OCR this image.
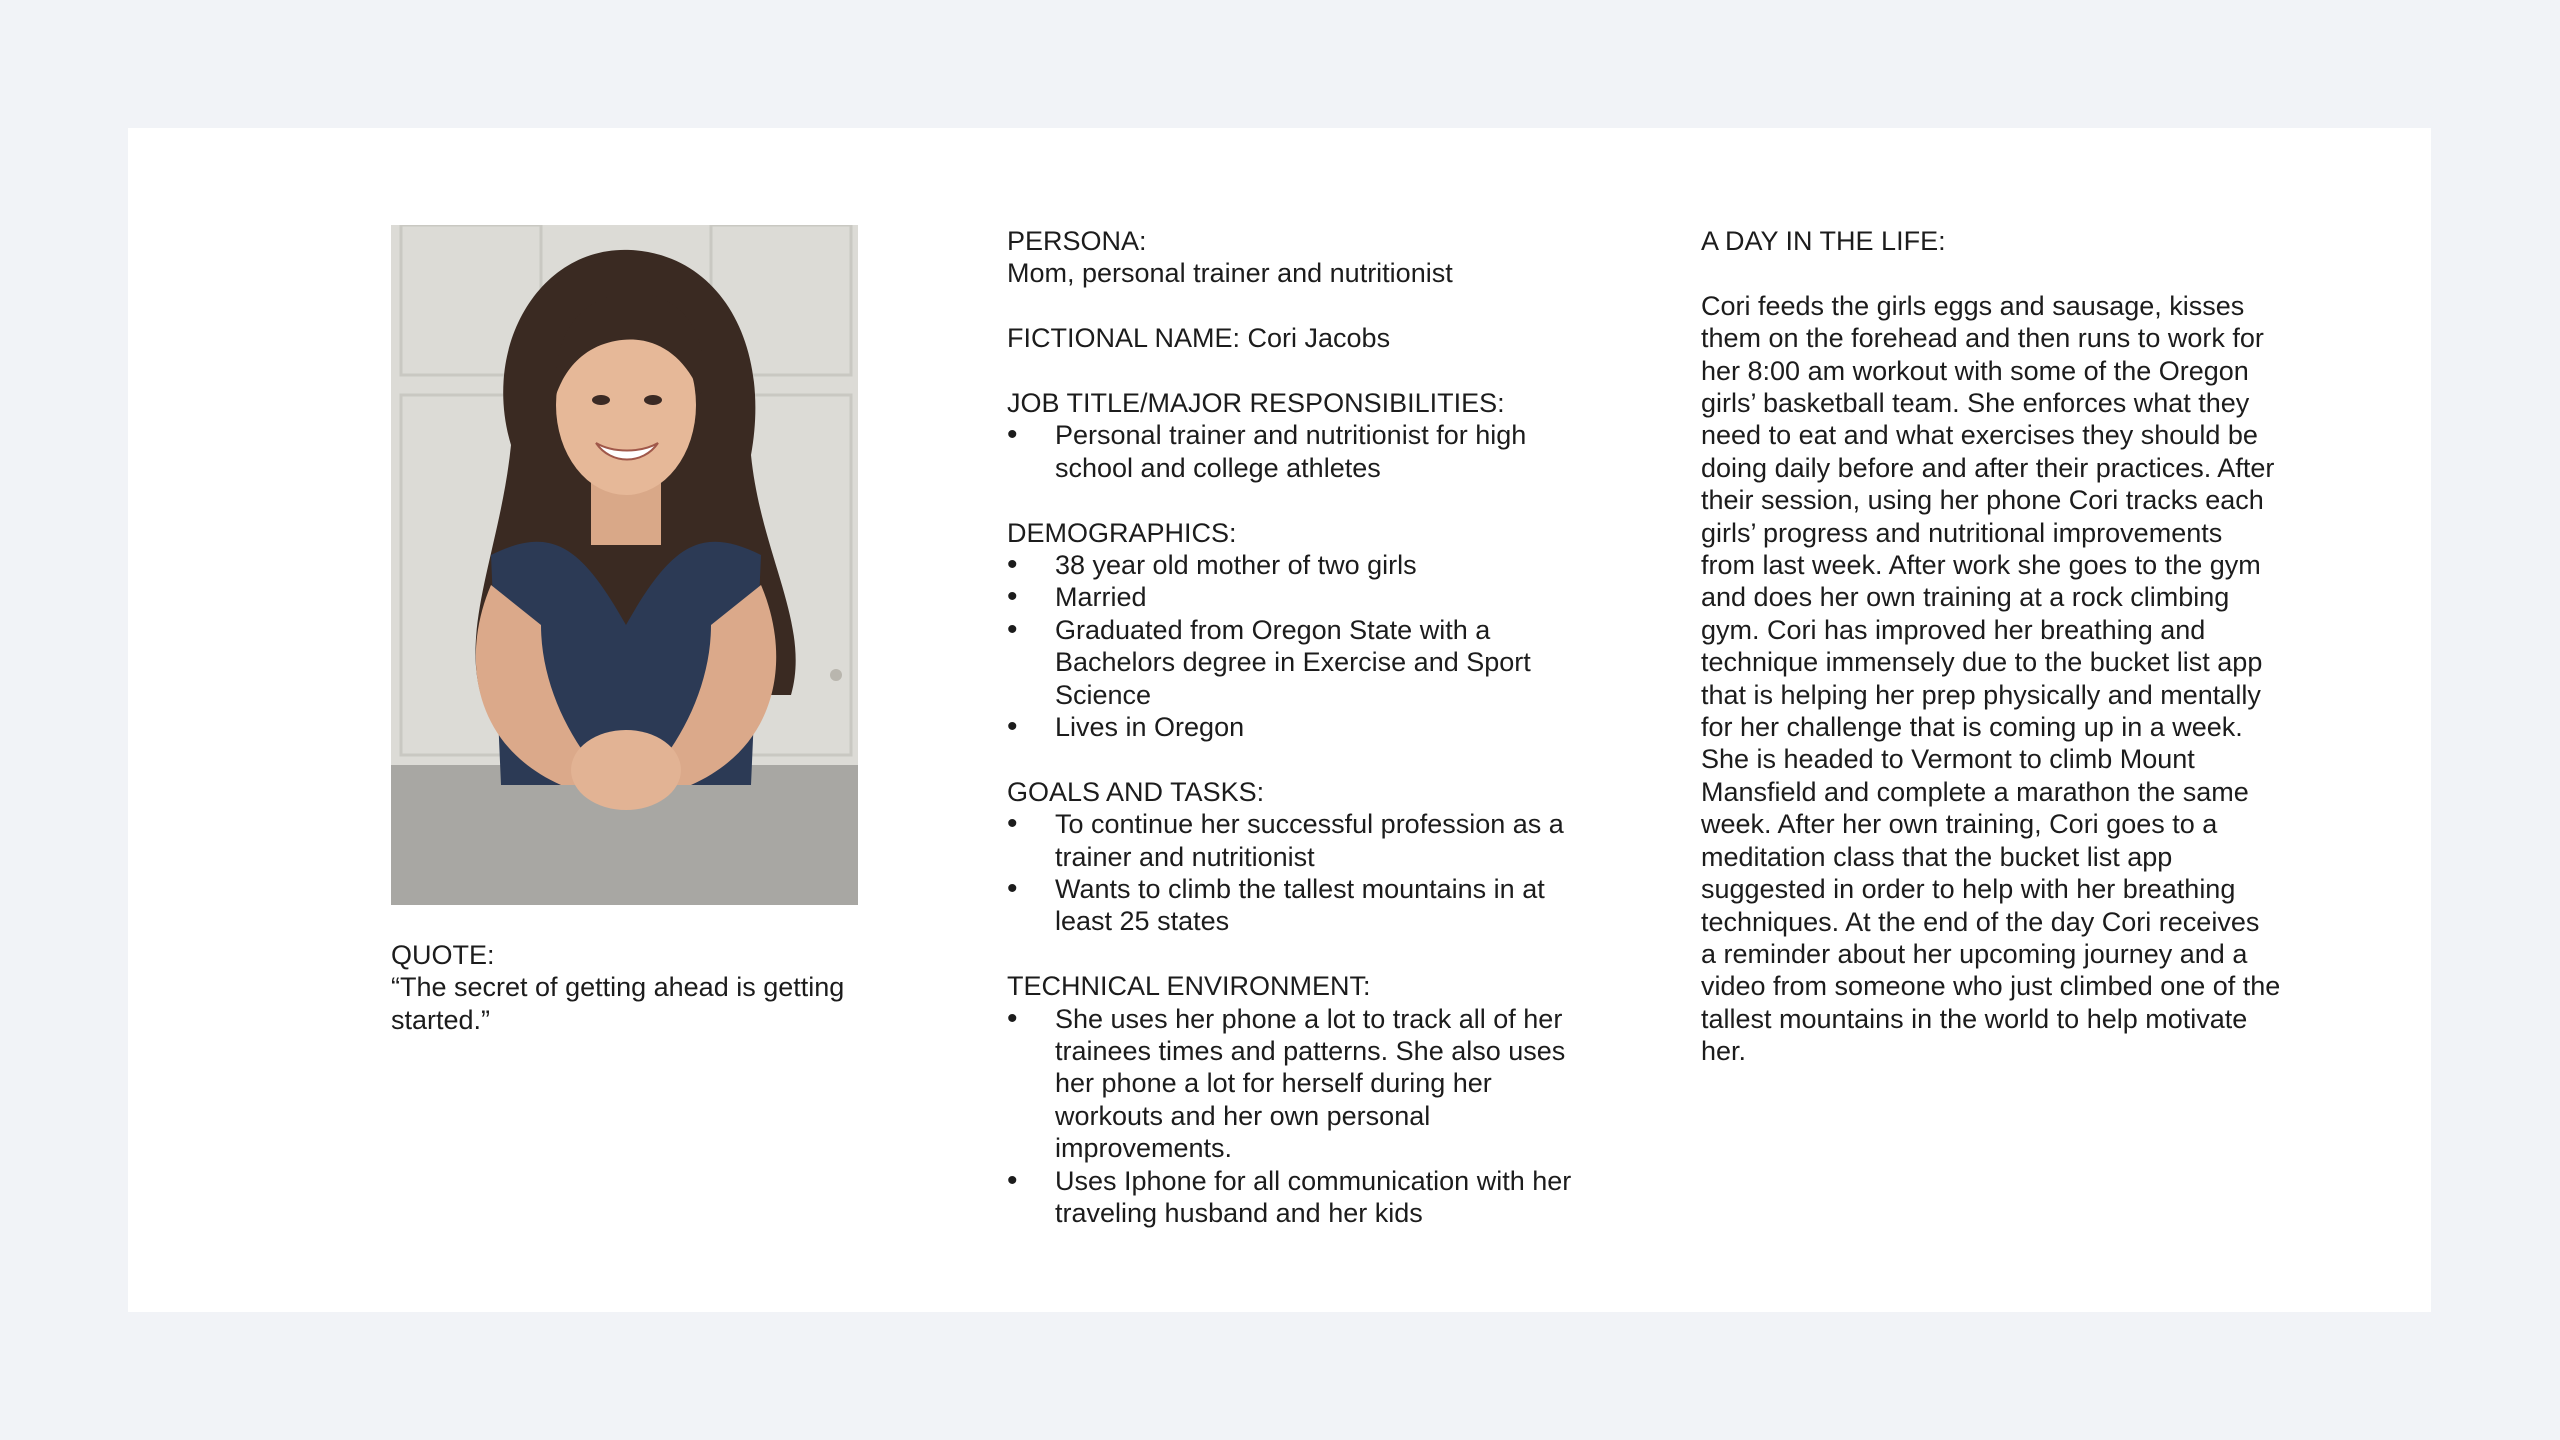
QUOTE:
“The secret of getting ahead is getting started.”
PERSONA:
Mom, personal trainer and nutritionist
FICTIONAL NAME: Cori Jacobs
JOB TITLE/MAJOR RESPONSIBILITIES:
• Personal trainer and nutritionist for high school and college athletes
DEMOGRAPHICS:
• 38 year old mother of two girls
• Married
• Graduated from Oregon State with a Bachelors degree in Exercise and Sport Science
• Lives in Oregon
GOALS AND TASKS:
• To continue her successful profession as a trainer and nutritionist
• Wants to climb the tallest mountains in at least 25 states
TECHNICAL ENVIRONMENT:
• She uses her phone a lot to track all of her trainees times and patterns. She also uses her phone a lot for herself during her workouts and her own personal improvements.
• Uses Iphone for all communication with her traveling husband and her kids
A DAY IN THE LIFE:
Cori feeds the girls eggs and sausage, kisses them on the forehead and then runs to work for her 8:00 am workout with some of the Oregon girls’ basketball team. She enforces what they need to eat and what exercises they should be doing daily before and after their practices. After their session, using her phone Cori tracks each girls’ progress and nutritional improvements from last week. After work she goes to the gym and does her own training at a rock climbing gym. Cori has improved her breathing and technique immensely due to the bucket list app that is helping her prep physically and mentally for her challenge that is coming up in a week. She is headed to Vermont to climb Mount Mansfield and complete a marathon the same week. After her own training, Cori goes to a meditation class that the bucket list app suggested in order to help with her breathing techniques. At the end of the day Cori receives a reminder about her upcoming journey and a video from someone who just climbed one of the tallest mountains in the world to help motivate her.
